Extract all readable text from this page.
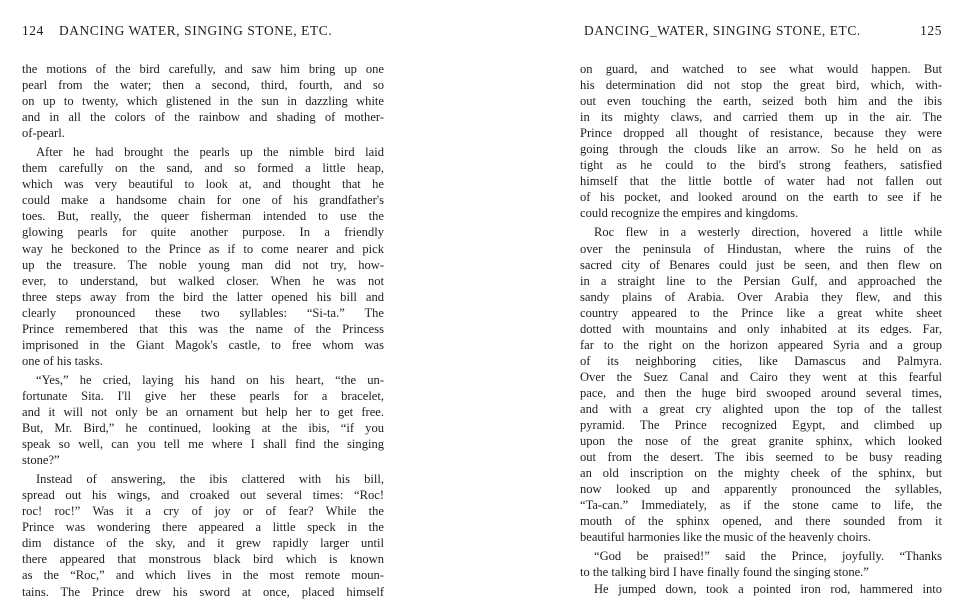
124 DANCING WATER, SINGING STONE, ETC.
the motions of the bird carefully, and saw him bring up one
pearl from the water; then a second, third, fourth, and so
on up to twenty, which glistened in the sun in dazzling white
and in all the colors of the rainbow and shading of mother-
of-pearl.
After he had brought the pearls up the nimble bird laid
them carefully on the sand, and so formed a little heap,
which was very beautiful to look at, and thought that he
could make a handsome chain for one of his grandfather's
toes. But, really, the queer fisherman intended to use the
glowing pearls for quite another purpose. In a friendly
way he beckoned to the Prince as if to come nearer and pick
up the treasure. The noble young man did not try, how-
ever, to understand, but walked closer. When he was not
three steps away from the bird the latter opened his bill and
clearly pronounced these two syllables: “Si-ta.” The
Prince remembered that this was the name of the Princess
imprisoned in the Giant Magok's castle, to free whom was
one of his tasks.
“Yes,” he cried, laying his hand on his heart, “the un-
fortunate Sita. I'll give her these pearls for a bracelet,
and it will not only be an ornament but help her to get free.
But, Mr. Bird,” he continued, looking at the ibis, “if you
speak so well, can you tell me where I shall find the singing
stone?”
Instead of answering, the ibis clattered with his bill,
spread out his wings, and croaked out several times: “Roc!
roc! roc!” Was it a cry of joy or of fear? While the
Prince was wondering there appeared a little speck in the
dim distance of the sky, and it grew rapidly larger until
there appeared that monstrous black bird which is known
as the “Roc,” and which lives in the most remote moun-
tains. The Prince drew his sword at once, placed himself
DANCING_WATER, SINGING STONE, ETC.	125
on guard, and watched to see what would happen. But
his determination did not stop the great bird, which, with-
out even touching the earth, seized both him and the ibis
in its mighty claws, and carried them up in the air. The
Prince dropped all thought of resistance, because they were
going through the clouds like an arrow. So he held on as
tight as he could to the bird's strong feathers, satisfied
himself that the little bottle of water had not fallen out
of his pocket, and looked around on the earth to see if he
could recognize the empires and kingdoms.
Roc flew in a westerly direction, hovered a little while
over the peninsula of Hindustan, where the ruins of the
sacred city of Benares could just be seen, and then flew on
in a straight line to the Persian Gulf, and approached the
sandy plains of Arabia. Over Arabia they flew, and this
country appeared to the Prince like a great white sheet
dotted with mountains and only inhabited at its edges. Far,
far to the right on the horizon appeared Syria and a group
of its neighboring cities, like Damascus and Palmyra.
Over the Suez Canal and Cairo they went at this fearful
pace, and then the huge bird swooped around several times,
and with a great cry alighted upon the top of the tallest
pyramid. The Prince recognized Egypt, and climbed up
upon the nose of the great granite sphinx, which looked
out from the desert. The ibis seemed to be busy reading
an old inscription on the mighty cheek of the sphinx, but
now looked up and apparently pronounced the syllables,
“Ta-can.” Immediately, as if the stone came to life, the
mouth of the sphinx opened, and there sounded from it
beautiful harmonies like the music of the heavenly choirs.
“God be praised!” said the Prince, joyfully. “Thanks
to the talking bird I have finally found the singing stone.”
He jumped down, took a pointed iron rod, hammered into
